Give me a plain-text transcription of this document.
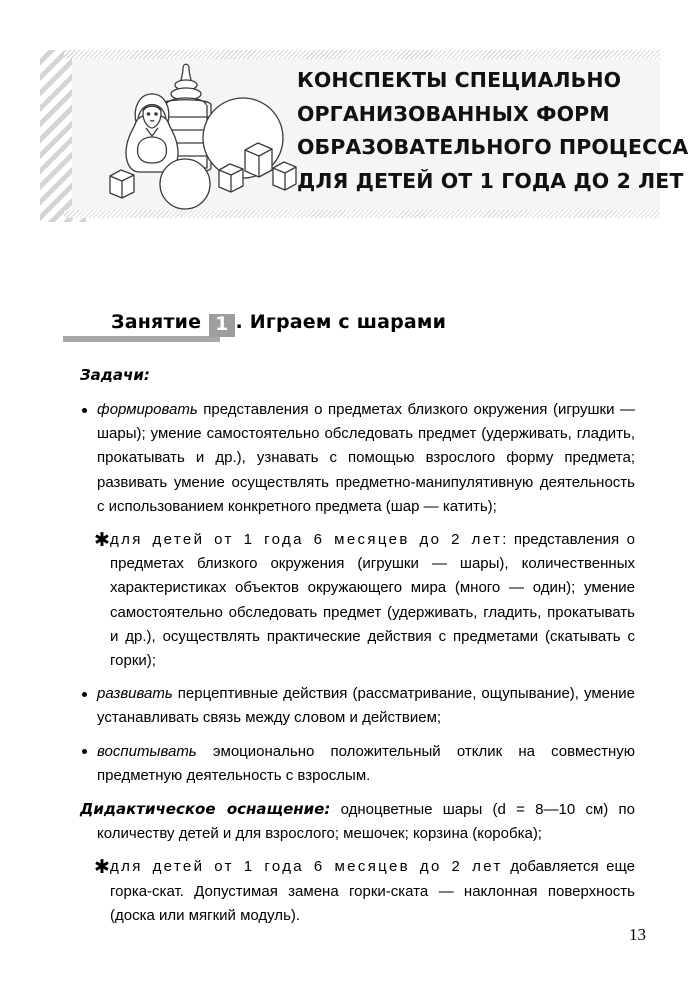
КОНСПЕКТЫ СПЕЦИАЛЬНО
ОРГАНИЗОВАННЫХ ФОРМ
ОБРАЗОВАТЕЛЬНОГО ПРОЦЕССА
ДЛЯ ДЕТЕЙ ОТ 1 ГОДА ДО 2 ЛЕТ
Занятие 1 . Играем с шарами

Задачи:

формировать представления о предметах близкого окружения (игрушки — шары); умение самостоятельно обследовать предмет (удерживать, гладить, прокатывать и др.), узнавать с помощью взрослого форму предмета; развивать умение осуществлять предметно-манипулятивную деятельность с использованием конкретного предмета (шар — катить);
✱ для детей от 1 года 6 месяцев до 2 лет: представления о предметах близкого окружения (игрушки — шары), количественных характеристиках объектов окружающего мира (много — один); умение самостоятельно обследовать предмет (удерживать, гладить, прокатывать и др.), осуществлять практические действия с предметами (скатывать с горки);
развивать перцептивные действия (рассматривание, ощупывание), умение устанавливать связь между словом и действием;
воспитывать эмоционально положительный отклик на совместную предметную деятельность с взрослым.
Дидактическое оснащение: одноцветные шары (d = 8—10 см) по количеству детей и для взрослого; мешочек; корзина (коробка);
✱ для детей от 1 года 6 месяцев до 2 лет добавляется еще горка-скат. Допустимая замена горки-ската — наклонная поверхность (доска или мягкий модуль).
13
